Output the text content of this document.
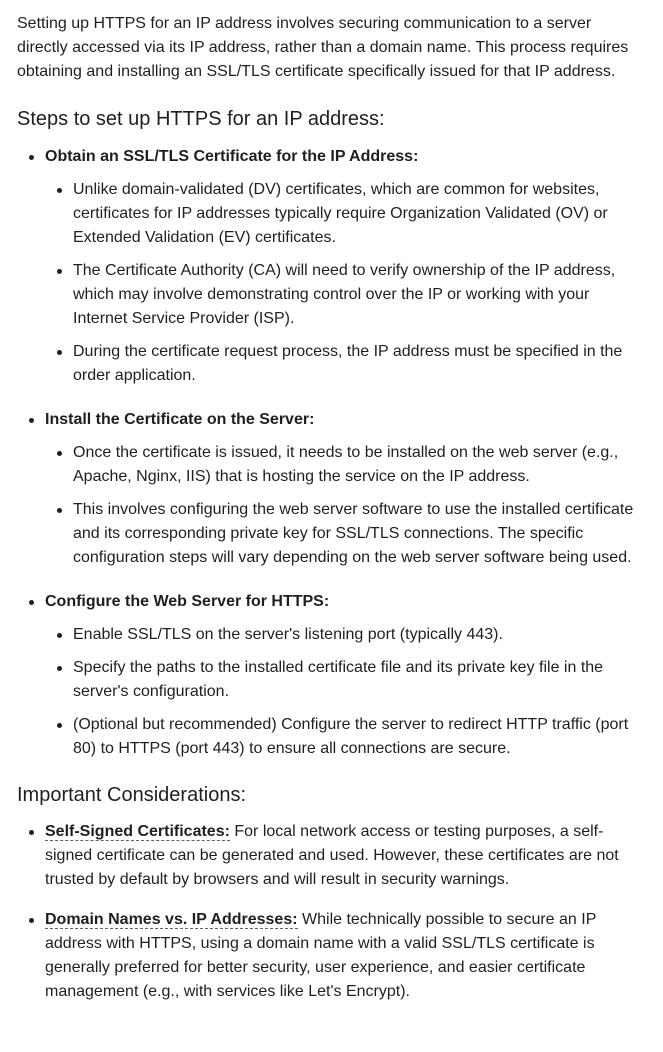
Setting up HTTPS for an IP address involves securing communication to a server directly accessed via its IP address, rather than a domain name. This process requires obtaining and installing an SSL/TLS certificate specifically issued for that IP address.

Steps to set up HTTPS for an IP address:
Obtain an SSL/TLS Certificate for the IP Address:
Unlike domain-validated (DV) certificates, which are common for websites, certificates for IP addresses typically require Organization Validated (OV) or Extended Validation (EV) certificates.
The Certificate Authority (CA) will need to verify ownership of the IP address, which may involve demonstrating control over the IP or working with your Internet Service Provider (ISP).
During the certificate request process, the IP address must be specified in the order application.
Install the Certificate on the Server:
Once the certificate is issued, it needs to be installed on the web server (e.g., Apache, Nginx, IIS) that is hosting the service on the IP address.
This involves configuring the web server software to use the installed certificate and its corresponding private key for SSL/TLS connections. The specific configuration steps will vary depending on the web server software being used.
Configure the Web Server for HTTPS:
Enable SSL/TLS on the server's listening port (typically 443).
Specify the paths to the installed certificate file and its private key file in the server's configuration.
(Optional but recommended) Configure the server to redirect HTTP traffic (port 80) to HTTPS (port 443) to ensure all connections are secure.
Important Considerations:
Self-Signed Certificates: For local network access or testing purposes, a self-signed certificate can be generated and used. However, these certificates are not trusted by default by browsers and will result in security warnings.
Domain Names vs. IP Addresses: While technically possible to secure an IP address with HTTPS, using a domain name with a valid SSL/TLS certificate is generally preferred for better security, user experience, and easier certificate management (e.g., with services like Let's Encrypt).
